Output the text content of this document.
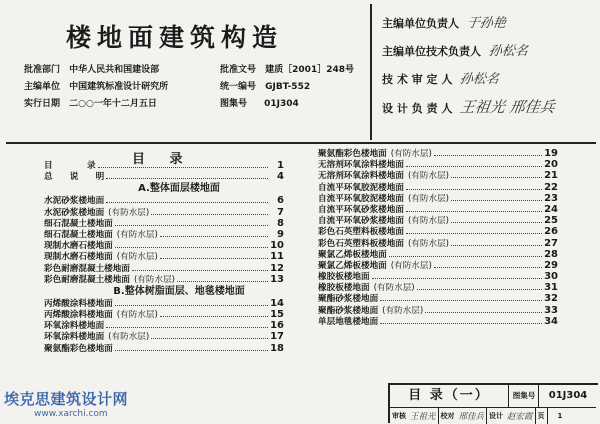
楼地面建筑构造
批准部门 中华人民共和国建设部
主编单位 中国建筑标准设计研究所
实行日期 二○○一年十二月五日
批准文号 建质［2001］248号
统一编号 GJBT-552
图集号 01J304
主编单位负责人 于孙艳
主编单位技术负责人 孙松名
技 术 审 定 人 孙松名
设 计 负 责 人 王祖光 邢佳兵
目 录
目　　　　录	1
总　　说　　明	4
A.整体面层楼地面
水泥砂浆楼地面	6
水泥砂浆楼地面 (有防水层)	7
细石混凝土楼地面	8
细石混凝土楼地面 (有防水层)	9
现制水磨石楼地面	10
现制水磨石楼地面 (有防水层)	11
彩色耐磨混凝土楼地面	12
彩色耐磨混凝土楼地面 (有防水层)	13
B.整体树脂面层、地毯楼地面
丙烯酸涂料楼地面	14
丙烯酸涂料楼地面 (有防水层)	15
环氧涂料楼地面	16
环氧涂料楼地面 (有防水层)	17
聚氨酯彩色楼地面	18
聚氨酯彩色楼地面 (有防水层)	19
无溶剂环氧涂料楼地面	20
无溶剂环氧涂料楼地面 (有防水层)	21
自流平环氧胶泥楼地面	22
自流平环氧胶泥楼地面 (有防水层)	23
自流平环氧砂浆楼地面	24
自流平环氧砂浆楼地面 (有防水层)	25
彩色石英塑料板楼地面	26
彩色石英塑料板楼地面 (有防水层)	27
聚氯乙烯板楼地面	28
聚氯乙烯板楼地面 (有防水层)	29
橡胶板楼地面	30
橡胶板楼地面 (有防水层)	31
聚酯砂浆楼地面	32
聚酯砂浆楼地面 (有防水层)	33
单层地毯楼地面	34
目 录（一）	图集号	01J304
审核 王祖光 校对 邢佳兵 设计 赵宏霞 页	1
埃克思建筑设计网
www.xarchi.com
